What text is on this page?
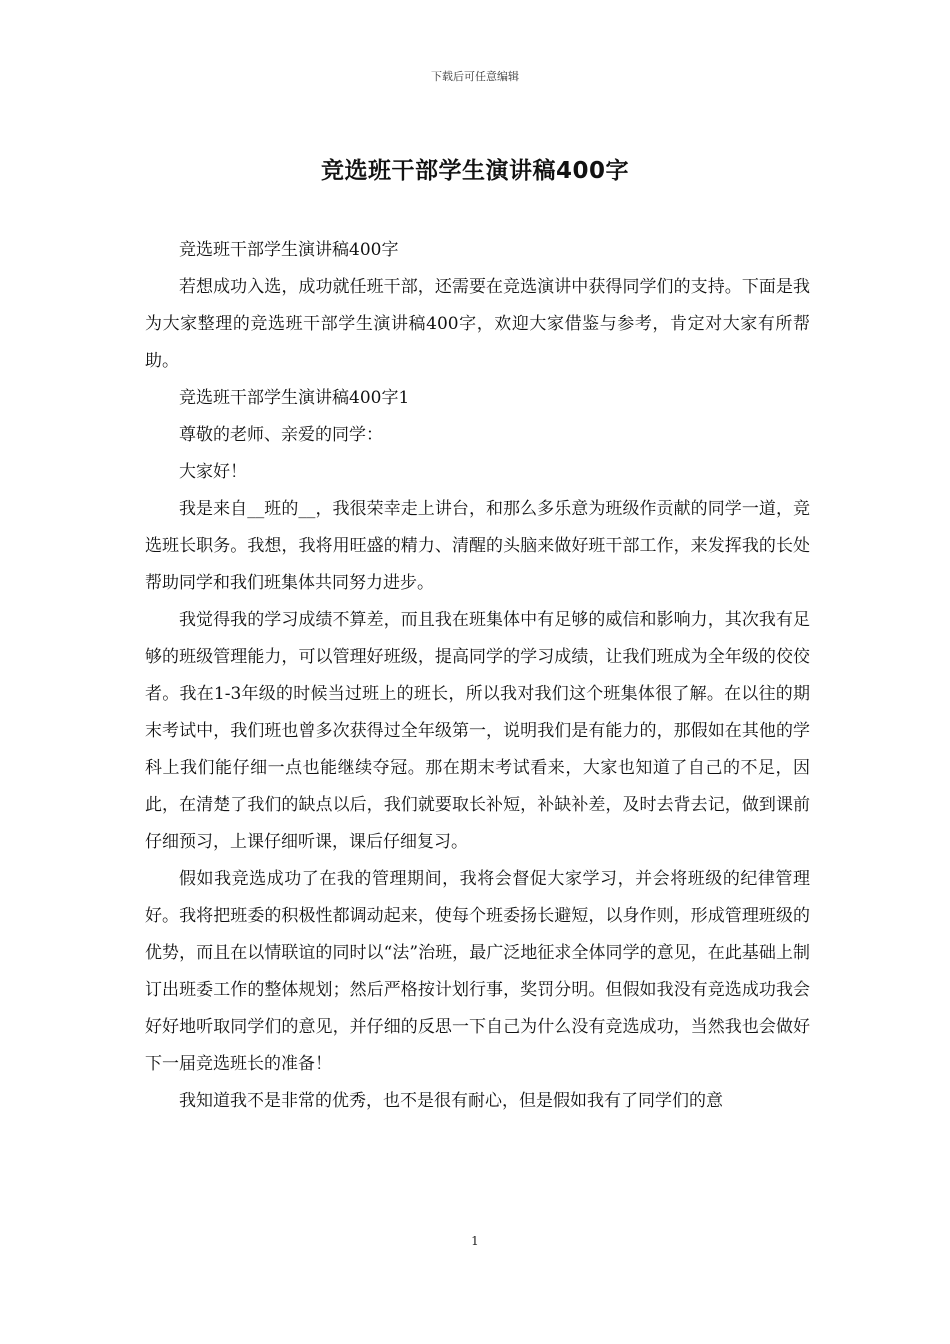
下载后可任意编辑
竞选班干部学生演讲稿400字

竞选班干部学生演讲稿400字

若想成功入选，成功就任班干部，还需要在竞选演讲中获得同学们的支持。下面是我为大家整理的竞选班干部学生演讲稿400字，欢迎大家借鉴与参考，肯定对大家有所帮助。

竞选班干部学生演讲稿400字1

尊敬的老师、亲爱的同学：

大家好！

我是来自__班的__，我很荣幸走上讲台，和那么多乐意为班级作贡献的同学一道，竞选班长职务。我想，我将用旺盛的精力、清醒的头脑来做好班干部工作，来发挥我的长处帮助同学和我们班集体共同努力进步。

我觉得我的学习成绩不算差，而且我在班集体中有足够的威信和影响力，其次我有足够的班级管理能力，可以管理好班级，提高同学的学习成绩，让我们班成为全年级的佼佼者。我在1-3年级的时候当过班上的班长，所以我对我们这个班集体很了解。在以往的期末考试中，我们班也曾多次获得过全年级第一，说明我们是有能力的，那假如在其他的学科上我们能仔细一点也能继续夺冠。那在期末考试看来，大家也知道了自己的不足，因此，在清楚了我们的缺点以后，我们就要取长补短，补缺补差，及时去背去记，做到课前仔细预习，上课仔细听课，课后仔细复习。

假如我竞选成功了在我的管理期间，我将会督促大家学习，并会将班级的纪律管理好。我将把班委的积极性都调动起来，使每个班委扬长避短，以身作则，形成管理班级的优势，而且在以情联谊的同时以“法”治班，最广泛地征求全体同学的意见，在此基础上制订出班委工作的整体规划；然后严格按计划行事，奖罚分明。但假如我没有竞选成功我会好好地听取同学们的意见，并仔细的反思一下自己为什么没有竞选成功，当然我也会做好下一届竞选班长的准备！

我知道我不是非常的优秀，也不是很有耐心，但是假如我有了同学们的意

1
